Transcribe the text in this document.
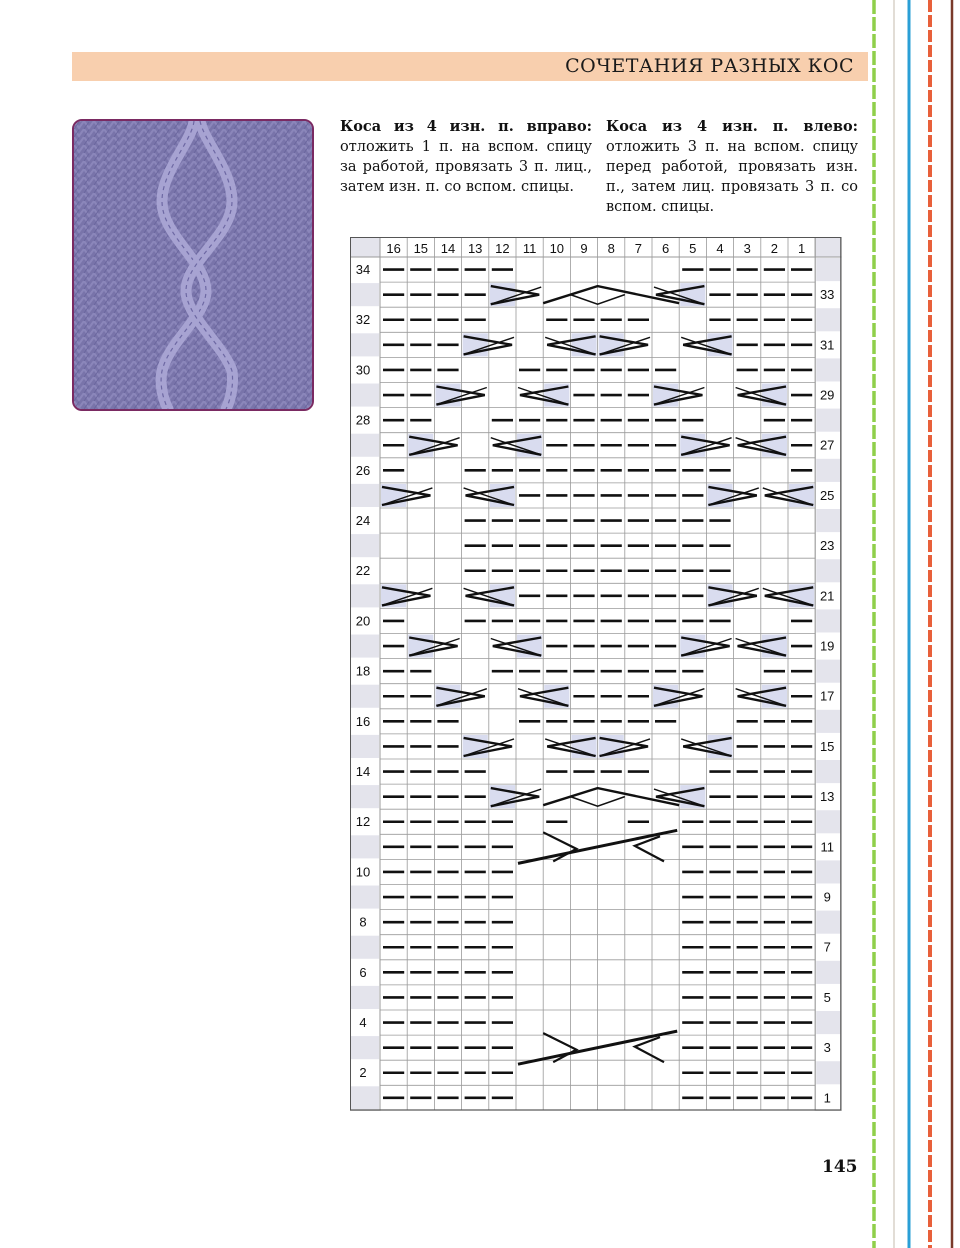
СОЧЕТАНИЯ РАЗНЫХ КОС
Коса из 4 изн. п. вправо: отложить 1 п. на вспом. спицу за работой, провязать 3 п. лиц., затем изн. п. со вспом. спицы.
Коса из 4 изн. п. влево: отложить 3 п. на вспом. спицу перед работой, провязать изн. п., затем лиц. провязать 3 п. со вспом. спицы.
16 15 14 13 12 11 10 9 8 7 6 5 4 3 2 1
34
32
30
28
26
24
22
20
18
16
14
12
10
8
6
4
2
33
31
29
27
25
23
21
19
17
15
13
11
9
7
5
3
1
145
